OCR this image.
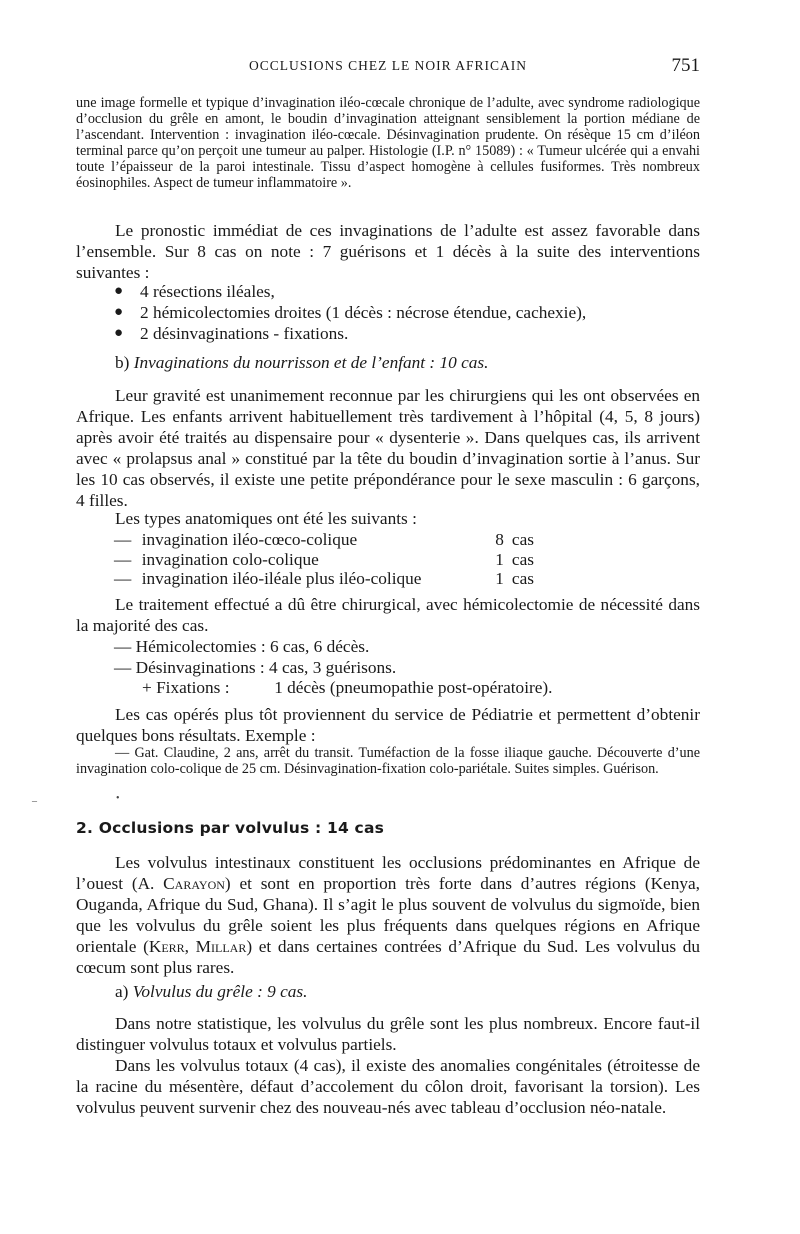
OCCLUSIONS CHEZ LE NOIR AFRICAIN	751
une image formelle et typique d’invagination iléo-cœcale chronique de l’adulte, avec syndrome radiologique d’occlusion du grêle en amont, le boudin d’invagination atteignant sensiblement la portion médiane de l’ascendant. Intervention : invagination iléo-cœcale. Désinvagination prudente. On résèque 15 cm d’iléon terminal parce qu’on perçoit une tumeur au palper. Histologie (I.P. n° 15089) : « Tumeur ulcérée qui a envahi toute l’épaisseur de la paroi intestinale. Tissu d’aspect homogène à cellules fusiformes. Très nombreux éosinophiles. Aspect de tumeur inflammatoire ».
Le pronostic immédiat de ces invaginations de l’adulte est assez favorable dans l’ensemble. Sur 8 cas on note : 7 guérisons et 1 décès à la suite des interventions suivantes :
● 4 résections iléales,
● 2 hémicolectomies droites (1 décès : nécrose étendue, cachexie),
● 2 désinvaginations - fixations.
b) Invaginations du nourrisson et de l’enfant : 10 cas.
Leur gravité est unanimement reconnue par les chirurgiens qui les ont observées en Afrique. Les enfants arrivent habituellement très tardivement à l’hôpital (4, 5, 8 jours) après avoir été traités au dispensaire pour « dysenterie ». Dans quelques cas, ils arrivent avec « prolapsus anal » constitué par la tête du boudin d’invagination sortie à l’anus. Sur les 10 cas observés, il existe une petite prépondérance pour le sexe masculin : 6 garçons, 4 filles.
Les types anatomiques ont été les suivants :
— invagination iléo-cœco-colique	8 cas
— invagination colo-colique	1 cas
— invagination iléo-iléale plus iléo-colique	1 cas
Le traitement effectué a dû être chirurgical, avec hémicolectomie de nécessité dans la majorité des cas.
— Hémicolectomies : 6 cas, 6 décès.
— Désinvaginations : 4 cas, 3 guérisons.
+ Fixations :	1 décès (pneumopathie post-opératoire).
Les cas opérés plus tôt proviennent du service de Pédiatrie et permettent d’obtenir quelques bons résultats. Exemple :
— Gat. Claudine, 2 ans, arrêt du transit. Tuméfaction de la fosse iliaque gauche. Découverte d’une invagination colo-colique de 25 cm. Désinvagination-fixation colo-pariétale. Suites simples. Guérison.
•
–
2. Occlusions par volvulus : 14 cas
Les volvulus intestinaux constituent les occlusions prédominantes en Afrique de l’ouest (A. Carayon) et sont en proportion très forte dans d’autres régions (Kenya, Ouganda, Afrique du Sud, Ghana). Il s’agit le plus souvent de volvulus du sigmoïde, bien que les volvulus du grêle soient les plus fréquents dans quelques régions en Afrique orientale (Kerr, Millar) et dans certaines contrées d’Afrique du Sud. Les volvulus du cœcum sont plus rares.
a) Volvulus du grêle : 9 cas.
Dans notre statistique, les volvulus du grêle sont les plus nombreux. Encore faut-il distinguer volvulus totaux et volvulus partiels.
Dans les volvulus totaux (4 cas), il existe des anomalies congénitales (étroitesse de la racine du mésentère, défaut d’accolement du côlon droit, favorisant la torsion). Les volvulus peuvent survenir chez des nouveau-nés avec tableau d’occlusion néo-natale.
